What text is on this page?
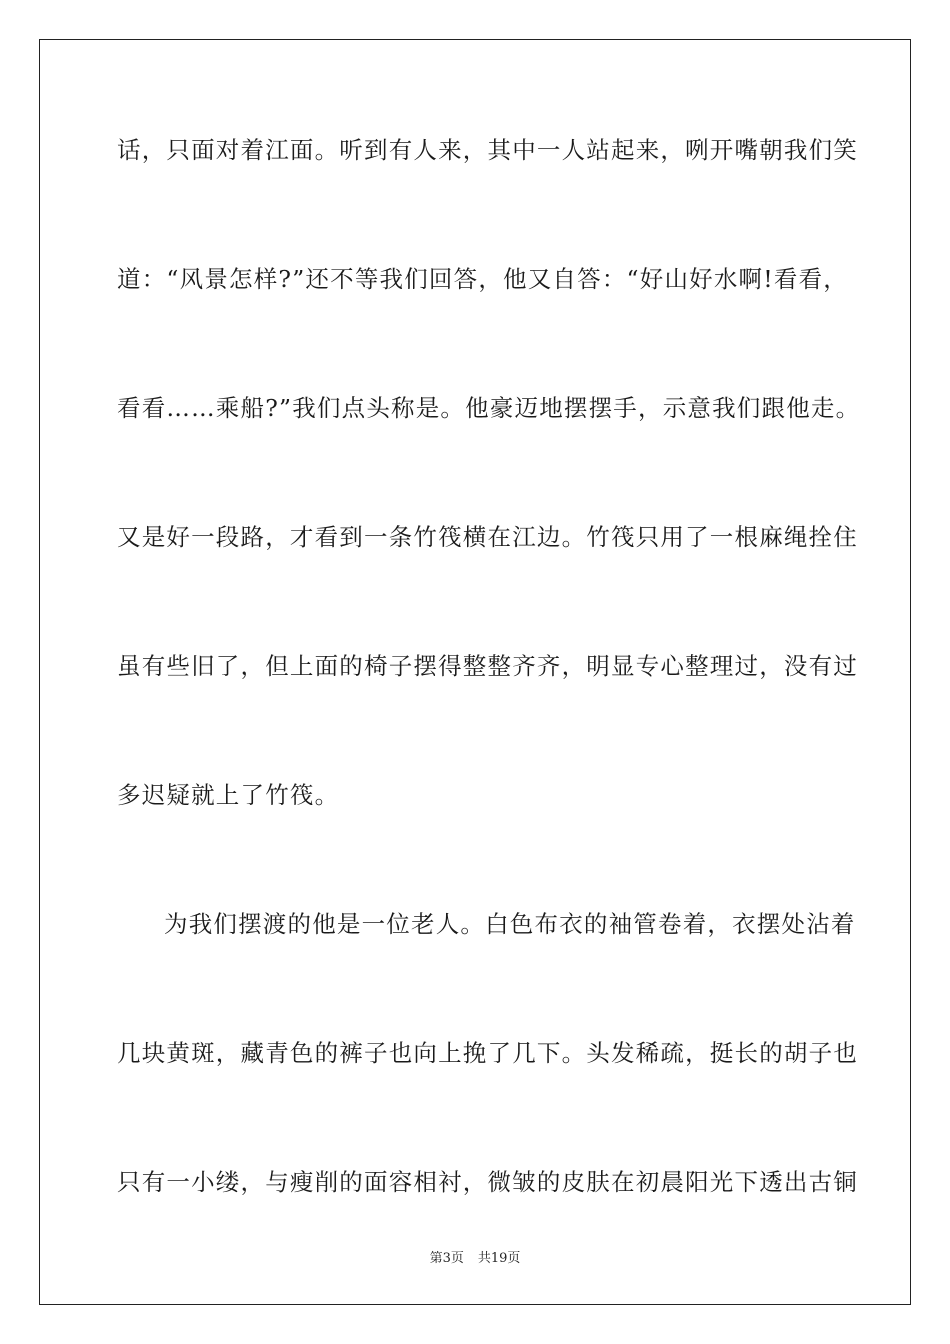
话，只面对着江面。听到有人来，其中一人站起来，咧开嘴朝我们笑
道：“风景怎样?”还不等我们回答，他又自答：“好山好水啊!看看，
看看……乘船?”我们点头称是。他豪迈地摆摆手，示意我们跟他走。
又是好一段路，才看到一条竹筏横在江边。竹筏只用了一根麻绳拴住
虽有些旧了，但上面的椅子摆得整整齐齐，明显专心整理过，没有过
多迟疑就上了竹筏。
为我们摆渡的他是一位老人。白色布衣的袖管卷着，衣摆处沾着
几块黄斑，藏青色的裤子也向上挽了几下。头发稀疏，挺长的胡子也
只有一小缕，与瘦削的面容相衬，微皱的皮肤在初晨阳光下透出古铜
第3页 共19页
